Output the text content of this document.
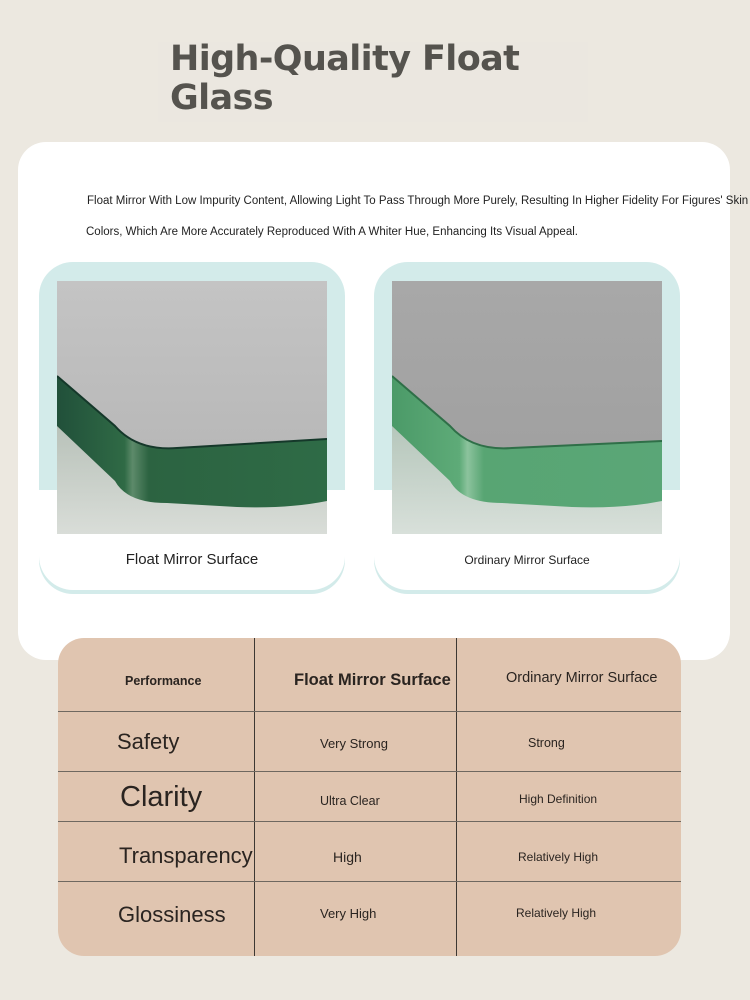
High-Quality Float
Glass

Float Mirror With Low Impurity Content, Allowing Light To Pass Through More Purely, Resulting In Higher Fidelity For Figures' Skin
Colors, Which Are More Accurately Reproduced With A Whiter Hue, Enhancing Its Visual Appeal.

Float Mirror Surface	Ordinary Mirror Surface
Performance	Float Mirror Surface	Ordinary Mirror Surface
Safety	Very Strong	Strong
Clarity	Ultra Clear	High Definition
Transparency	High	Relatively High
Glossiness	Very High	Relatively High
